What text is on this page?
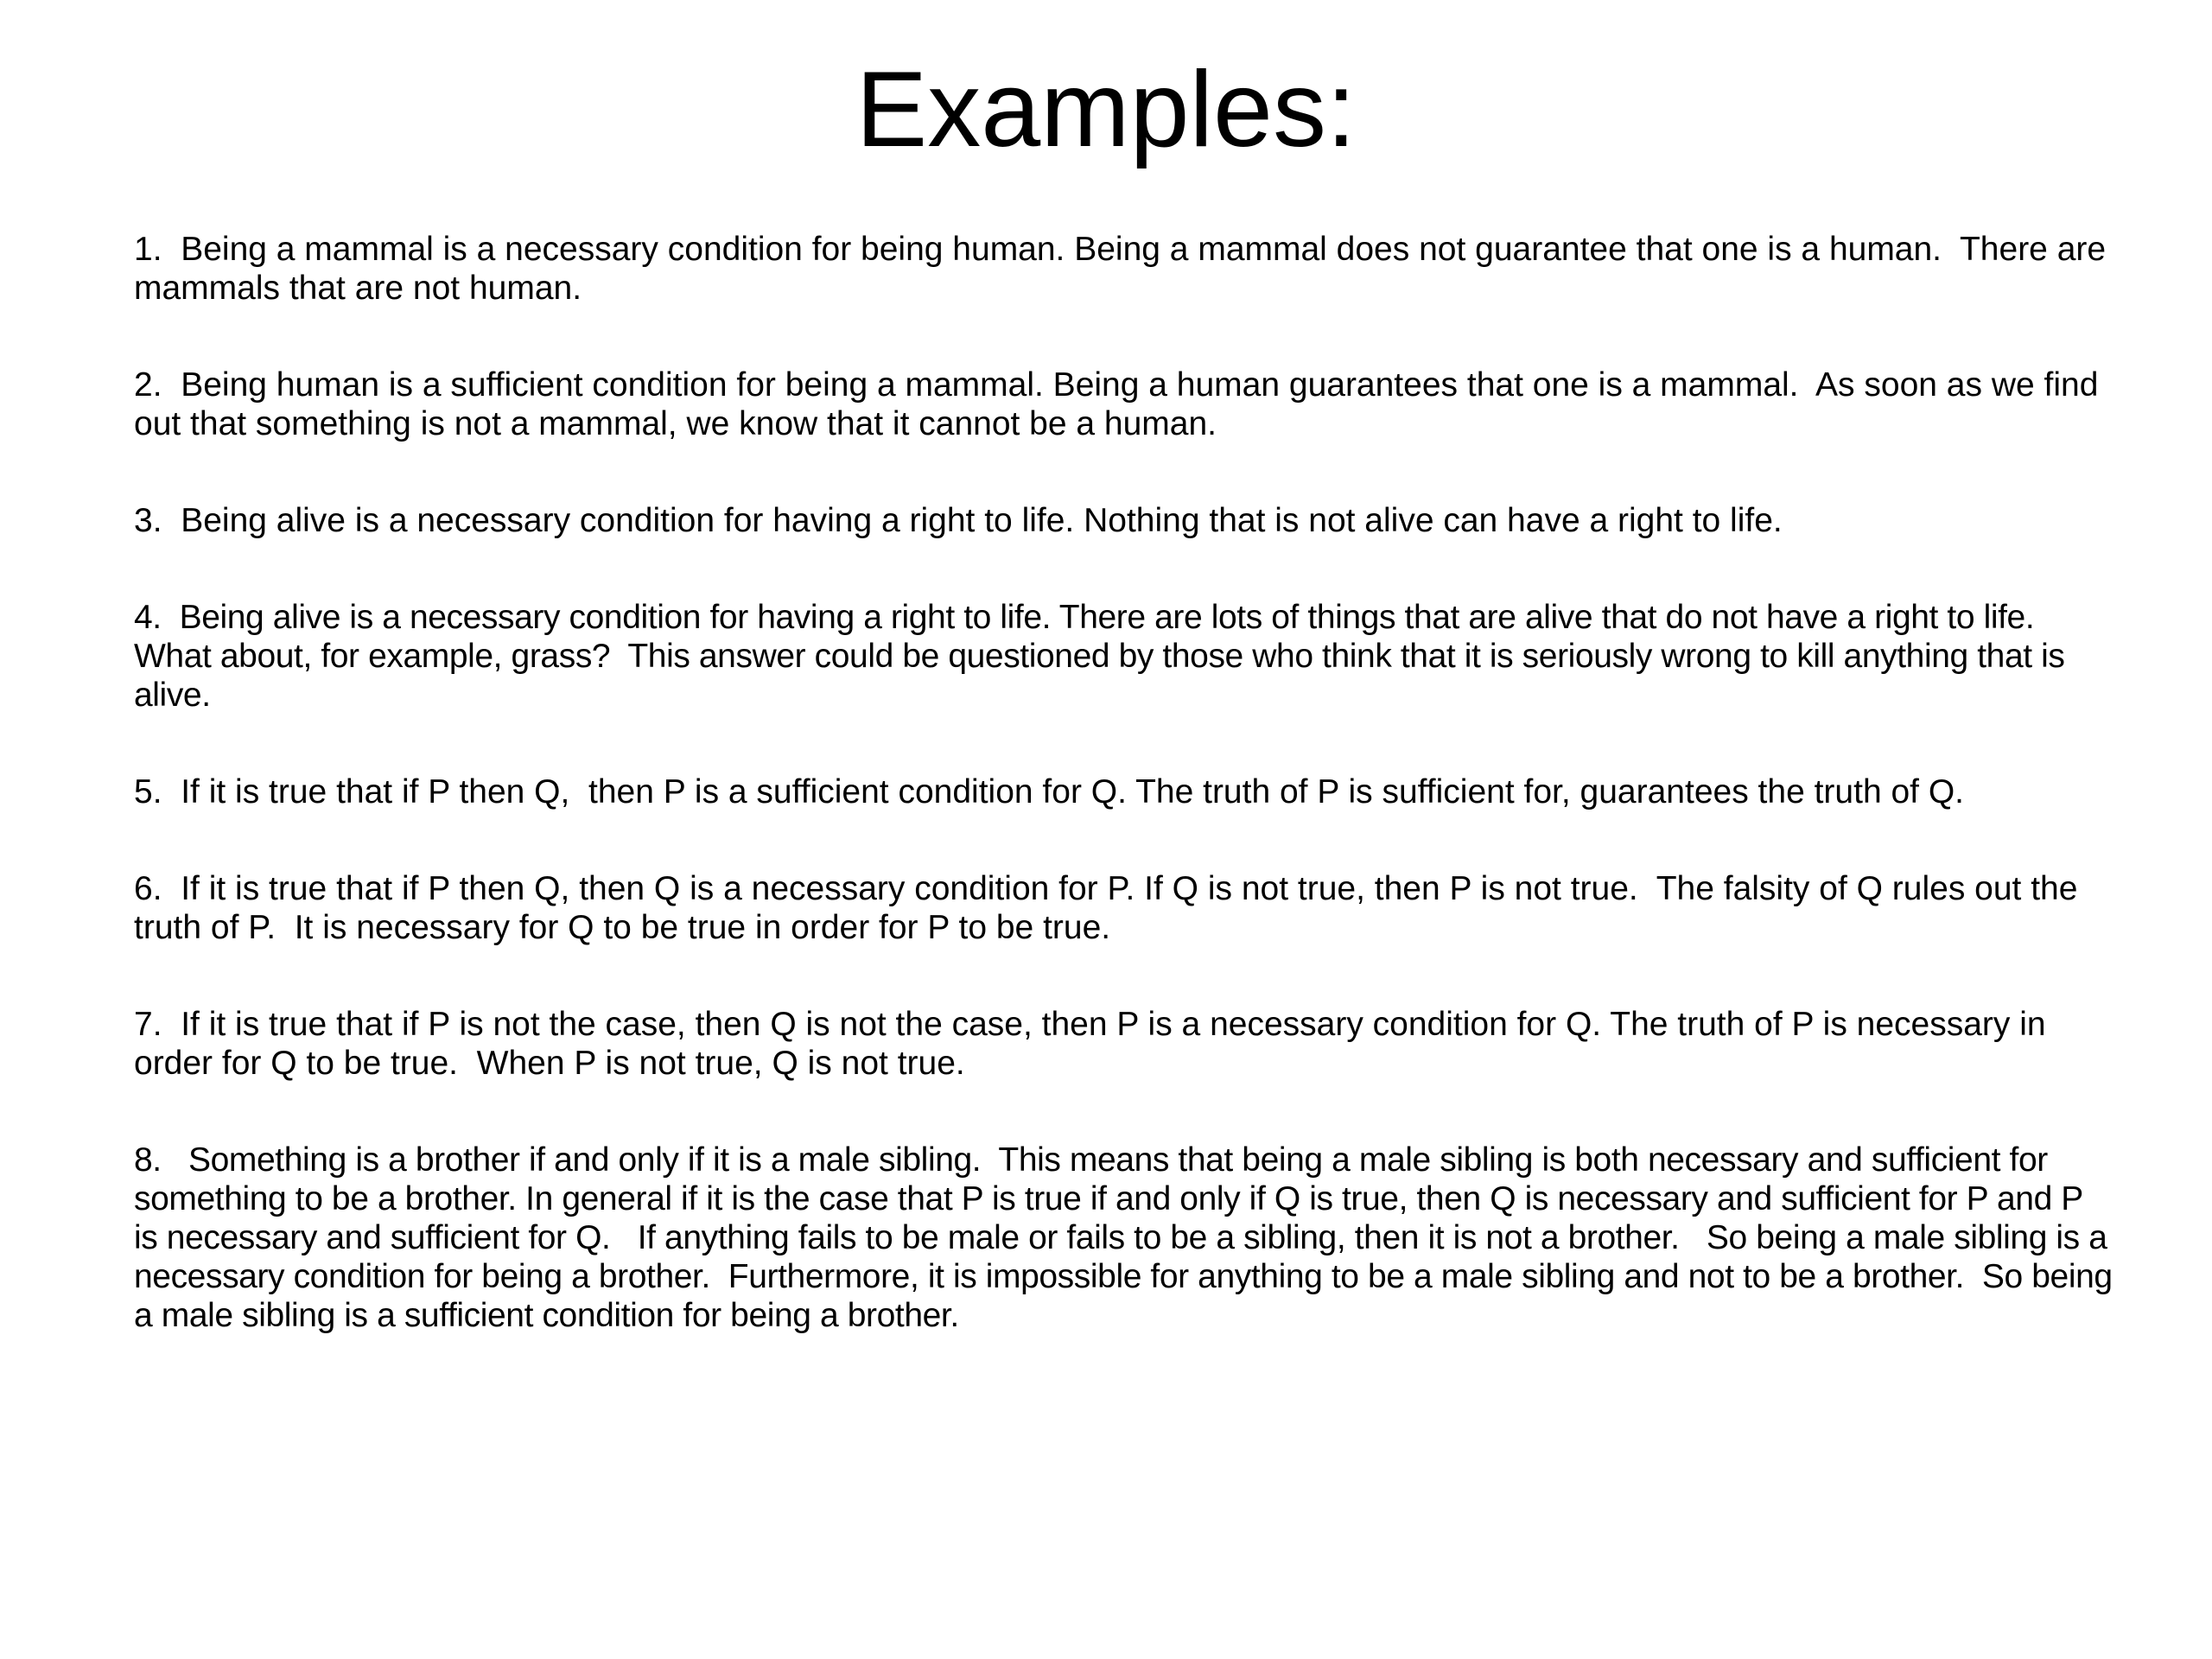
Examples:
1.  Being a mammal is a necessary condition for being human. Being a mammal does not guarantee that one is a human.  There are mammals that are not human.
2.  Being human is a sufficient condition for being a mammal. Being a human guarantees that one is a mammal.  As soon as we find out that something is not a mammal, we know that it cannot be a human.
3.  Being alive is a necessary condition for having a right to life. Nothing that is not alive can have a right to life.
4.  Being alive is a necessary condition for having a right to life. There are lots of things that are alive that do not have a right to life.  What about, for example, grass?  This answer could be questioned by those who think that it is seriously wrong to kill anything that is alive.
5.  If it is true that if P then Q,  then P is a sufficient condition for Q. The truth of P is sufficient for, guarantees the truth of Q.
6.  If it is true that if P then Q, then Q is a necessary condition for P. If Q is not true, then P is not true.  The falsity of Q rules out the truth of P.  It is necessary for Q to be true in order for P to be true.
7.  If it is true that if P is not the case, then Q is not the case, then P is a necessary condition for Q. The truth of P is necessary in order for Q to be true.  When P is not true, Q is not true.
8.   Something is a brother if and only if it is a male sibling.  This means that being a male sibling is both necessary and sufficient for something to be a brother. In general if it is the case that P is true if and only if Q is true, then Q is necessary and sufficient for P and P is necessary and sufficient for Q.   If anything fails to be male or fails to be a sibling, then it is not a brother.   So being a male sibling is a necessary condition for being a brother.  Furthermore, it is impossible for anything to be a male sibling and not to be a brother.  So being a male sibling is a sufficient condition for being a brother.
